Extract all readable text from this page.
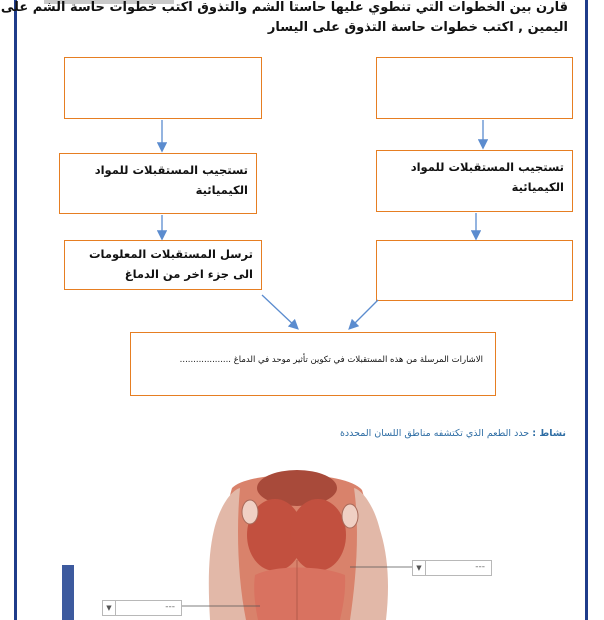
قارن بين الخطوات التي تنطوي عليها حاستا الشم والتذوق اكتب خطوات حاسة الشم على
اليمين , اكتب خطوات حاسة التذوق على اليسار
تستجيب المستقبلات للمواد الكيميائية
تستجيب المستقبلات للمواد الكيميائية
ترسل المستقبلات المعلومات الى جزء اخر من الدماغ
الاشارات المرسلة من هذه المستقبلات في تكوين تأثير موحد في الدماغ ...................
نشاط : حدد الطعم الذي تكتشفه مناطق اللسان المحددة
▼	---
▼	---
